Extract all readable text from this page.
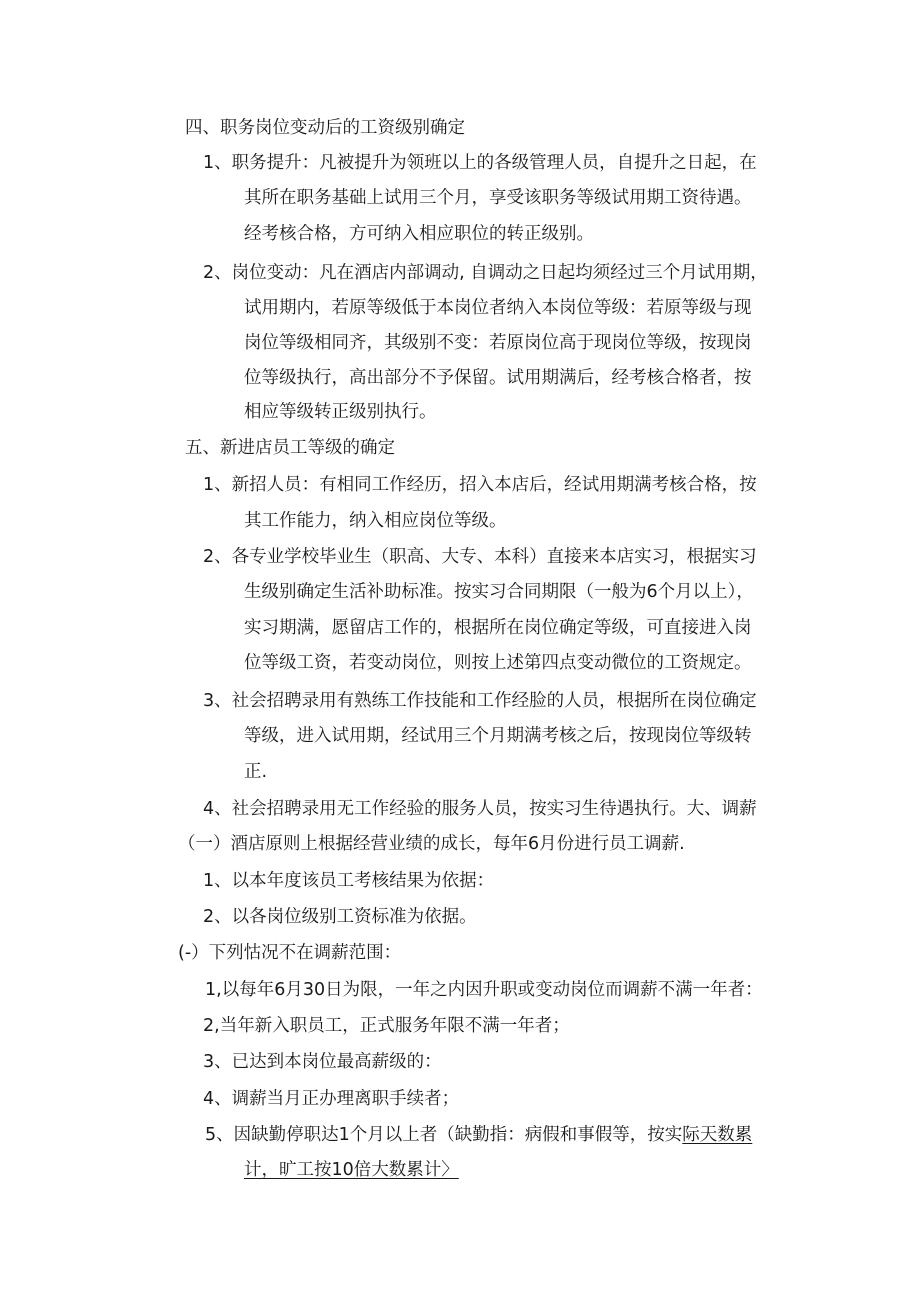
四、职务岗位变动后的工资级别确定
1、职务提升：凡被提升为领班以上的各级管理人员，自提升之日起，在
其所在职务基础上试用三个月，享受该职务等级试用期工资待遇。
经考核合格，方可纳入相应职位的转正级别。
2、岗位变动：凡在酒店内部调动, 自调动之日起均须经过三个月试用期，
试用期内，若原等级低于本岗位者纳入本岗位等级：若原等级与现
岗位等级相同齐，其级别不变：若原岗位高于现岗位等级，按现岗
位等级执行，高出部分不予保留。试用期满后，经考核合格者，按
相应等级转正级别执行。
五、新进店员工等级的确定
1、新招人员：有相同工作经历，招入本店后，经试用期满考核合格，按
其工作能力，纳入相应岗位等级。
2、各专业学校毕业生（职高、大专、本科）直接来本店实习，根据实习
生级别确定生活补助标准。按实习合同期限（一般为6个月以上），
实习期满，愿留店工作的，根据所在岗位确定等级，可直接进入岗
位等级工资，若变动岗位，则按上述第四点变动微位的工资规定。
3、社会招聘录用有熟练工作技能和工作经脸的人员，根据所在岗位确定
等级，进入试用期，经试用三个月期满考核之后，按现岗位等级转
正.
4、社会招聘录用无工作经验的服务人员，按实习生待遇执行。大、调薪
（一）酒店原则上根据经营业绩的成长，每年6月份进行员工调薪.
1、以本年度该员工考核结果为依据：
2、以各岗位级别工资标准为依据。
(-）下列怙况不在调薪范围：
1,以每年6月30日为限，一年之内因升职或变动岗位而调薪不满一年者：
2,当年新入职员工，正式服务年限不满一年者；
3、已达到本岗位最高薪级的：
4、调薪当月正办理离职手续者；
5、因缺勤停职达1个月以上者（缺勤指：病假和事假等，按实际天数累
计，旷工按10倍大数累计〉
